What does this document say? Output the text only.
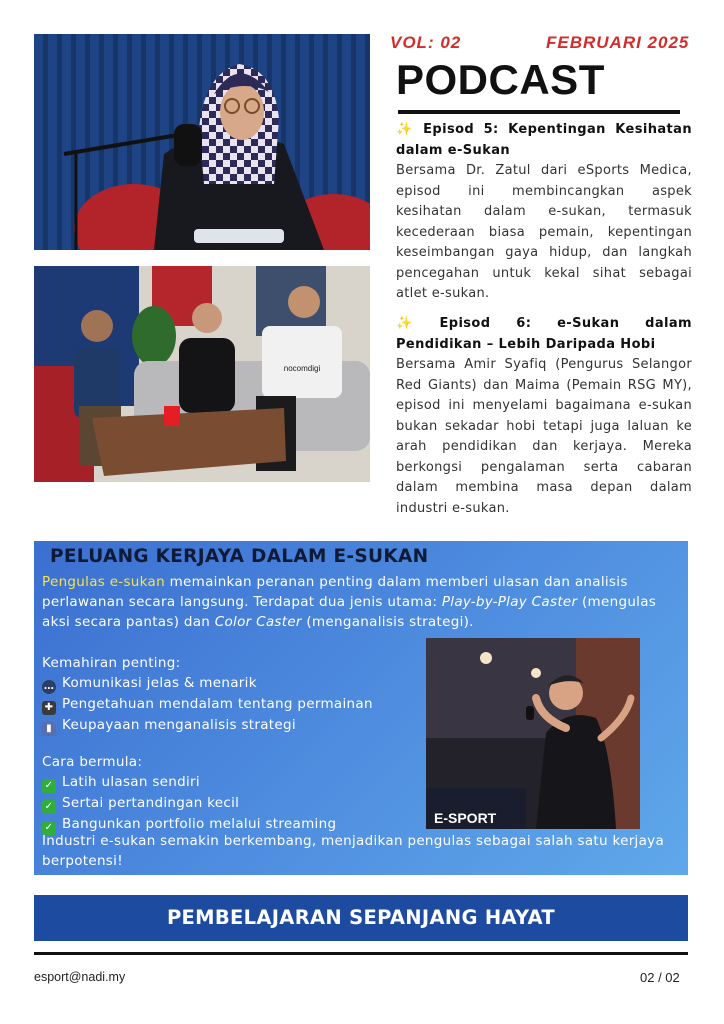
nocomdigi
VOL: 02	FEBRUARI 2025
PODCAST
✨ Episod 5: Kepentingan Kesihatan dalam e-Sukan
Bersama Dr. Zatul dari eSports Medica, episod ini membincangkan aspek kesihatan dalam e-sukan, termasuk kecederaan biasa pemain, kepentingan keseimbangan gaya hidup, dan langkah pencegahan untuk kekal sihat sebagai atlet e-sukan.
✨ Episod 6: e-Sukan dalam Pendidikan – Lebih Daripada Hobi
Bersama Amir Syafiq (Pengurus Selangor Red Giants) dan Maima (Pemain RSG MY), episod ini menyelami bagaimana e-sukan bukan sekadar hobi tetapi juga laluan ke arah pendidikan dan kerjaya. Mereka berkongsi pengalaman serta cabaran dalam membina masa depan dalam industri e-sukan.
PELUANG KERJAYA DALAM E-SUKAN
Pengulas e-sukan memainkan peranan penting dalam memberi ulasan dan analisis perlawanan secara langsung. Terdapat dua jenis utama: Play-by-Play Caster (mengulas aksi secara pantas) dan Color Caster (menganalisis strategi).
Kemahiran penting:
… Komunikasi jelas & menarik
✚ Pengetahuan mendalam tentang permainan
▮ Keupayaan menganalisis strategi
Cara bermula:
✓ Latih ulasan sendiri
✓ Sertai pertandingan kecil
✓ Bangunkan portfolio melalui streaming	E-SPORT
Industri e-sukan semakin berkembang, menjadikan pengulas sebagai salah satu kerjaya berpotensi!
PEMBELAJARAN SEPANJANG HAYAT
esport@nadi.my	02 / 02
